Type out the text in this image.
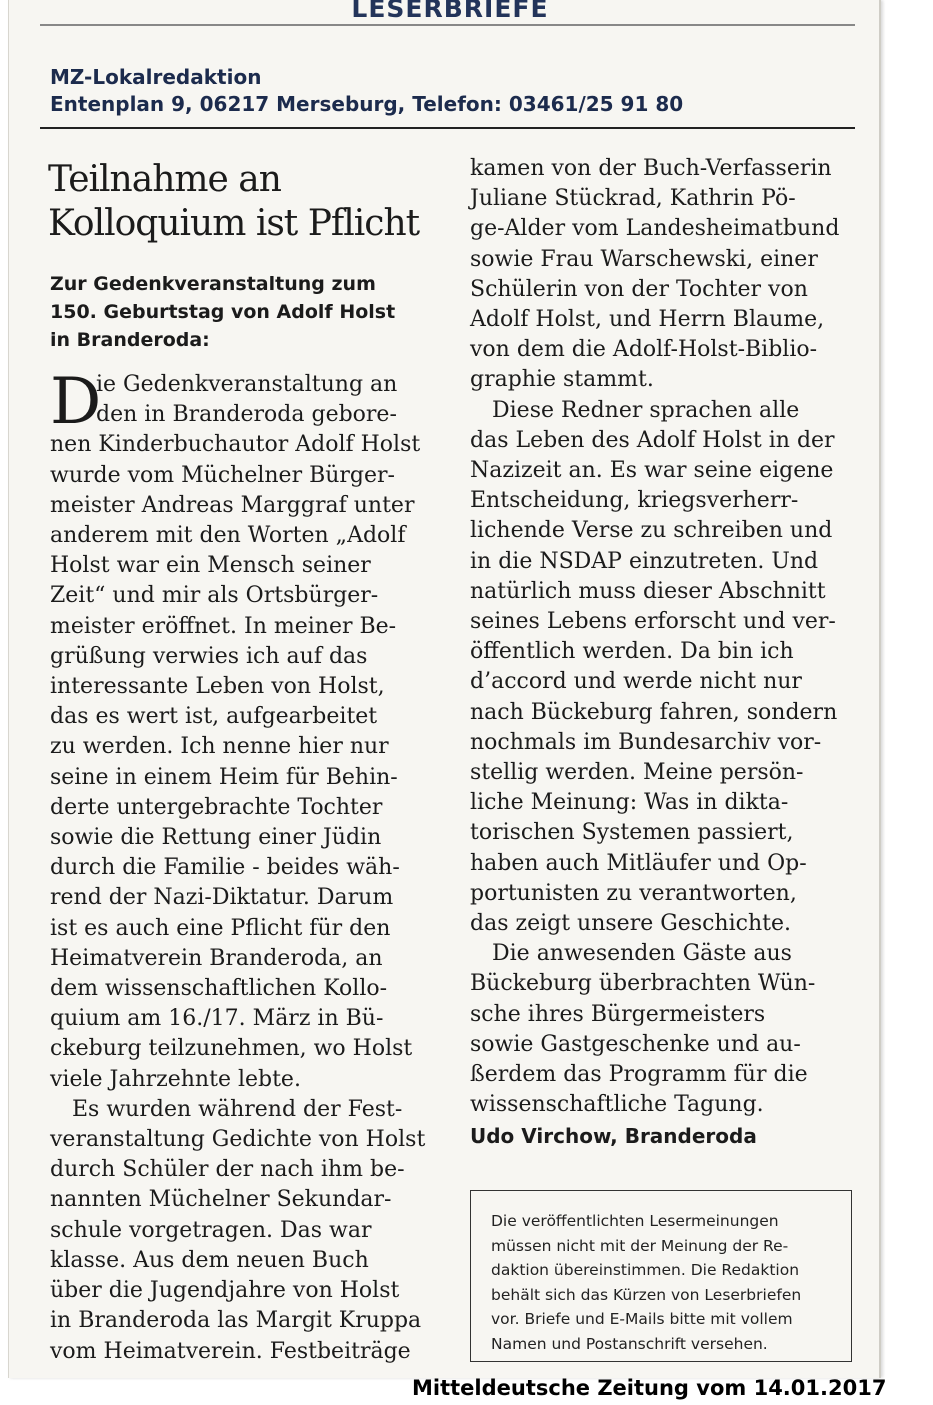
LESERBRIEFE
MZ-Lokalredaktion
Entenplan 9, 06217 Merseburg, Telefon: 03461/25 91 80
Teilnahme an
Kolloquium ist Pflicht
Zur Gedenkveranstaltung zum
150. Geburtstag von Adolf Holst
in Branderoda:
D
ie Gedenkveranstaltung an
den in Branderoda gebore-
nen Kinderbuchautor Adolf Holst
wurde vom Mücheln​er Bürger-
meister Andreas Marggraf unter
anderem mit den Worten „Adolf
Holst war ein Mensch seiner
Zeit“ und mir als Ortsbürger-
meister eröffnet. In meiner Be-
grüßung verwies ich auf das
interessante Leben von Holst,
das es wert ist, aufgearbeitet
zu werden. Ich nenne hier nur
seine in einem Heim für Behin-
derte untergebrachte Tochter
sowie die Rettung einer Jüdin
durch die Familie - beides wäh-
rend der Nazi-Diktatur. Darum
ist es auch eine Pflicht für den
Heimatverein Branderoda, an
dem wissenschaftlichen Kollo-
quium am 16./17. März in Bü-
ckeburg teilzunehmen, wo Holst
viele Jahrzehnte lebte.
Es wurden während der Fest-
veranstaltung Gedichte von Holst
durch Schüler der nach ihm be-
nannten Mücheln​er Sekundar-
schule vorgetragen. Das war
klasse. Aus dem neuen Buch
über die Jugendjahre von Holst
in Branderoda las Margit Kruppa
vom Heimatverein. Festbeiträge
kamen von der Buch-Verfasserin
Juliane Stückrad, Kathrin Pö-
ge-Alder vom Landesheimatbund
sowie Frau Warschewski, einer
Schülerin von der Tochter von
Adolf Holst, und Herrn Blaume,
von dem die Adolf-Holst-Biblio-
graphie stammt.
Diese Redner sprachen alle
das Leben des Adolf Holst in der
Nazizeit an. Es war seine eigene
Entscheidung, kriegsverherr-
lichende Verse zu schreiben und
in die NSDAP einzutreten. Und
natürlich muss dieser Abschnitt
seines Lebens erforscht und ver-
öffentlich werden. Da bin ich
d’accord und werde nicht nur
nach Bückeburg fahren, sondern
nochmals im Bundesarchiv vor-
stellig werden. Meine persön-
liche Meinung: Was in dikta-
torischen Systemen passiert,
haben auch Mitläufer und Op-
portunisten zu verantworten,
das zeigt unsere Geschichte.
Die anwesenden Gäste aus
Bückeburg überbrachten Wün-
sche ihres Bürgermeisters
sowie Gastgeschenke und au-
ßerdem das Programm für die
wissenschaftliche Tagung.
Udo Virchow, Branderoda
Die veröffentlichten Lesermeinungen
müssen nicht mit der Meinung der Re-
daktion übereinstimmen. Die Redaktion
behält sich das Kürzen von Leserbriefen
vor. Briefe und E-Mails bitte mit vollem
Namen und Postanschrift versehen.
Mitteldeutsche Zeitung vom 14.01.2017
